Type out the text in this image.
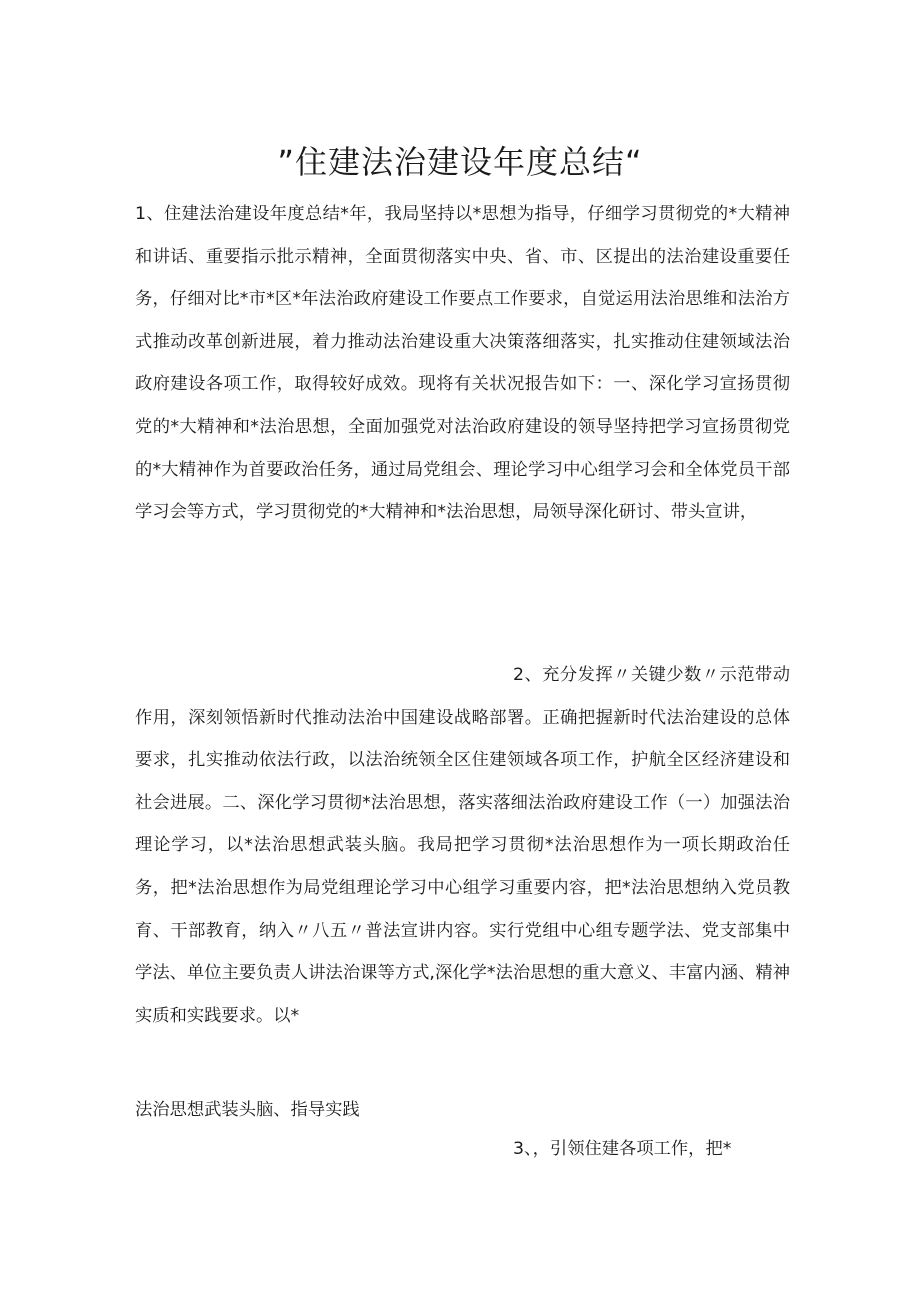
”住建法治建设年度总结“
1、住建法治建设年度总结*年，我局坚持以*思想为指导，仔细学习贯彻党的*大精神和讲话、重要指示批示精神，全面贯彻落实中央、省、市、区提出的法治建设重要任务，仔细对比*市*区*年法治政府建设工作要点工作要求，自觉运用法治思维和法治方式推动改革创新进展，着力推动法治建设重大决策落细落实，扎实推动住建领域法治政府建设各项工作，取得较好成效。现将有关状况报告如下：一、深化学习宣扬贯彻党的*大精神和*法治思想，全面加强党对法治政府建设的领导坚持把学习宣扬贯彻党的*大精神作为首要政治任务，通过局党组会、理论学习中心组学习会和全体党员干部学习会等方式，学习贯彻党的*大精神和*法治思想，局领导深化研讨、带头宣讲，
2、充分发挥〃关键少数〃示范带动作用，深刻领悟新时代推动法治中国建设战略部署。正确把握新时代法治建设的总体要求，扎实推动依法行政，以法治统领全区住建领域各项工作，护航全区经济建设和社会进展。二、深化学习贯彻*法治思想，落实落细法治政府建设工作（一）加强法治理论学习，以*法治思想武装头脑。我局把学习贯彻*法治思想作为一项长期政治任务，把*法治思想作为局党组理论学习中心组学习重要内容，把*法治思想纳入党员教育、干部教育，纳入〃八五〃普法宣讲内容。实行党组中心组专题学法、党支部集中学法、单位主要负责人讲法治课等方式,深化学*法治思想的重大意义、丰富内涵、精神实质和实践要求。以*
法治思想武装头脑、指导实践
3、，引领住建各项工作，把*
